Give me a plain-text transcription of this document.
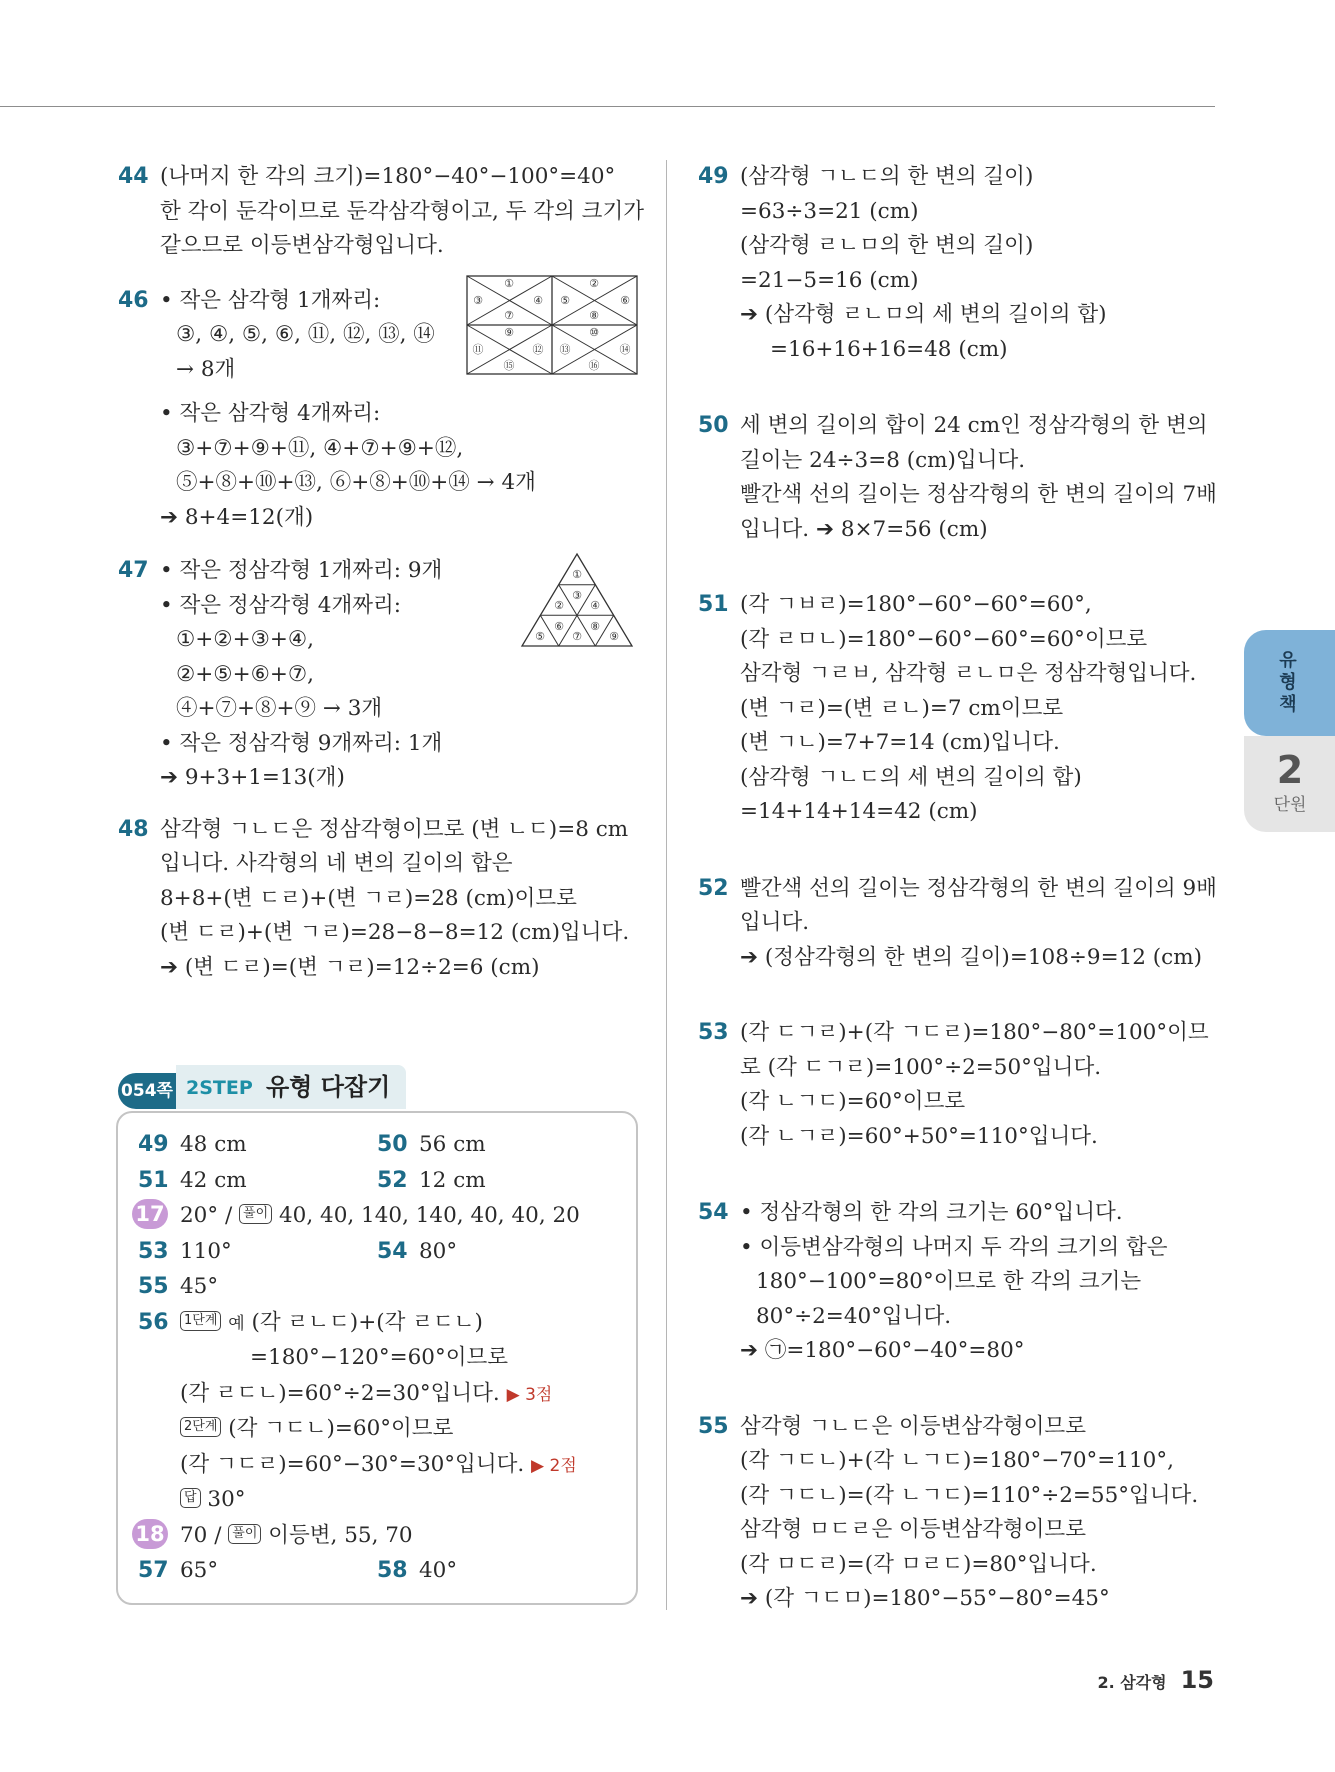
44 (나머지 한 각의 크기)=180°−40°−100°=40°
한 각이 둔각이므로 둔각삼각형이고, 두 각의 크기가
같으므로 이등변삼각형입니다.
46 • 작은 삼각형 1개짜리:
③, ④, ⑤, ⑥, ⑪, ⑫, ⑬, ⑭
→ 8개
• 작은 삼각형 4개짜리:
③+⑦+⑨+⑪, ④+⑦+⑨+⑫,
⑤+⑧+⑩+⑬, ⑥+⑧+⑩+⑭ → 4개
➔ 8+4=12(개)
①	②
③	④ ⑤	⑥
⑦	⑧
⑨	⑩
⑪	⑫ ⑬	⑭
⑮	⑯
47 • 작은 정삼각형 1개짜리: 9개
• 작은 정삼각형 4개짜리:
①+②+③+④,
②+⑤+⑥+⑦,
④+⑦+⑧+⑨ → 3개
• 작은 정삼각형 9개짜리: 1개
➔ 9+3+1=13(개)
①
②
③
④
⑤
⑥
⑦
⑧
⑨
48 삼각형 ㄱㄴㄷ은 정삼각형이므로 (변 ㄴㄷ)=8 cm
입니다. 사각형의 네 변의 길이의 합은
8+8+(변 ㄷㄹ)+(변 ㄱㄹ)=28 (cm)이므로
(변 ㄷㄹ)+(변 ㄱㄹ)=28−8−8=12 (cm)입니다.
➔ (변 ㄷㄹ)=(변 ㄱㄹ)=12÷2=6 (cm)
054쪽 2STEP 유형 다잡기
49 48 cm	50 56 cm
51 42 cm	52 12 cm
17 20° / 풀이 40, 40, 140, 140, 40, 40, 20
53 110°	54 80°
55 45°
56 1단계 예 (각 ㄹㄴㄷ)+(각 ㄹㄷㄴ)
=180°−120°=60°이므로
(각 ㄹㄷㄴ)=60°÷2=30°입니다. ▶ 3점
2단계 (각 ㄱㄷㄴ)=60°이므로
(각 ㄱㄷㄹ)=60°−30°=30°입니다. ▶ 2점
답 30°
18 70 / 풀이 이등변, 55, 70
57 65°	58 40°
49 (삼각형 ㄱㄴㄷ의 한 변의 길이)
=63÷3=21 (cm)
(삼각형 ㄹㄴㅁ의 한 변의 길이)
=21−5=16 (cm)
➔ (삼각형 ㄹㄴㅁ의 세 변의 길이의 합)
=16+16+16=48 (cm)
50 세 변의 길이의 합이 24 cm인 정삼각형의 한 변의
길이는 24÷3=8 (cm)입니다.
빨간색 선의 길이는 정삼각형의 한 변의 길이의 7배
입니다. ➔ 8×7=56 (cm)
51 (각 ㄱㅂㄹ)=180°−60°−60°=60°,
(각 ㄹㅁㄴ)=180°−60°−60°=60°이므로
삼각형 ㄱㄹㅂ, 삼각형 ㄹㄴㅁ은 정삼각형입니다.
(변 ㄱㄹ)=(변 ㄹㄴ)=7 cm이므로
(변 ㄱㄴ)=7+7=14 (cm)입니다.
(삼각형 ㄱㄴㄷ의 세 변의 길이의 합)
=14+14+14=42 (cm)
52 빨간색 선의 길이는 정삼각형의 한 변의 길이의 9배
입니다.
➔ (정삼각형의 한 변의 길이)=108÷9=12 (cm)
53 (각 ㄷㄱㄹ)+(각 ㄱㄷㄹ)=180°−80°=100°이므
로 (각 ㄷㄱㄹ)=100°÷2=50°입니다.
(각 ㄴㄱㄷ)=60°이므로
(각 ㄴㄱㄹ)=60°+50°=110°입니다.
54 • 정삼각형의 한 각의 크기는 60°입니다.
• 이등변삼각형의 나머지 두 각의 크기의 합은
180°−100°=80°이므로 한 각의 크기는
80°÷2=40°입니다.
➔ ㉠=180°−60°−40°=80°
55 삼각형 ㄱㄴㄷ은 이등변삼각형이므로
(각 ㄱㄷㄴ)+(각 ㄴㄱㄷ)=180°−70°=110°,
(각 ㄱㄷㄴ)=(각 ㄴㄱㄷ)=110°÷2=55°입니다.
삼각형 ㅁㄷㄹ은 이등변삼각형이므로
(각 ㅁㄷㄹ)=(각 ㅁㄹㄷ)=80°입니다.
➔ (각 ㄱㄷㅁ)=180°−55°−80°=45°
유형책
2
단원
2. 삼각형 15
